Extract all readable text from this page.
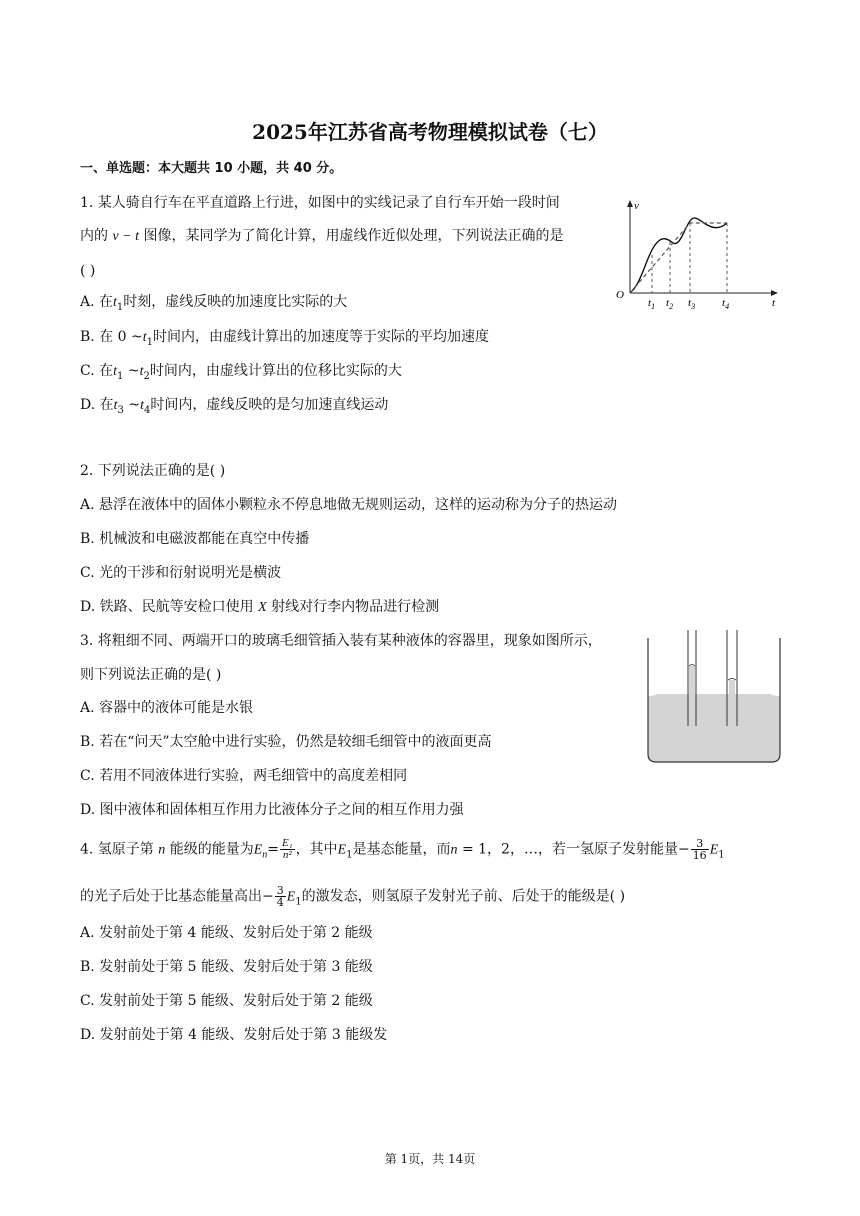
2025年江苏省高考物理模拟试卷（七）
一、单选题：本大题共 10 小题，共 40 分。
1. 某人骑自行车在平直道路上行进，如图中的实线记录了自行车开始一段时间
内的 v − t 图像，某同学为了简化计算，用虚线作近似处理，下列说法正确的是
( )
A. 在$t_1$时刻，虚线反映的加速度比实际的大
B. 在 0 $\sim t_1$时间内，由虚线计算出的加速度等于实际的平均加速度
C. 在$t_1$ $\sim t_2$时间内，由虚线计算出的位移比实际的大
D. 在$t_3$ $\sim t_4$时间内，虚线反映的是匀加速直线运动
v
t
O
$t_1$ $t_2$ $t_3$ $t_4$
2. 下列说法正确的是( )
A. 悬浮在液体中的固体小颗粒永不停息地做无规则运动，这样的运动称为分子的热运动
B. 机械波和电磁波都能在真空中传播
C. 光的干涉和衍射说明光是横波
D. 铁路、民航等安检口使用 X 射线对行李内物品进行检测
3. 将粗细不同、两端开口的玻璃毛细管插入装有某种液体的容器里，现象如图所示，
则下列说法正确的是( )
A. 容器中的液体可能是水银
B. 若在“问天”太空舱中进行实验，仍然是较细毛细管中的液面更高
C. 若用不同液体进行实验，两毛细管中的高度差相同
D. 图中液体和固体相互作用力比液体分子之间的相互作用力强
4. 氢原子第 n 能级的能量为$E_n= \frac{\text{E₁}}{\text{n²}}$ ，其中$E_1$是基态能量，而n = 1，2，…，若一氢原子发射能量− $\frac{3}{16} E_1$
的光子后处于比基态能量高出− $\frac{3}{4} E_1$的激发态，则氢原子发射光子前、后处于的能级是( )
A. 发射前处于第 4 能级、发射后处于第 2 能级
B. 发射前处于第 5 能级、发射后处于第 3 能级
C. 发射前处于第 5 能级、发射后处于第 2 能级
D. 发射前处于第 4 能级、发射后处于第 3 能级发
第 1页，共 14页
